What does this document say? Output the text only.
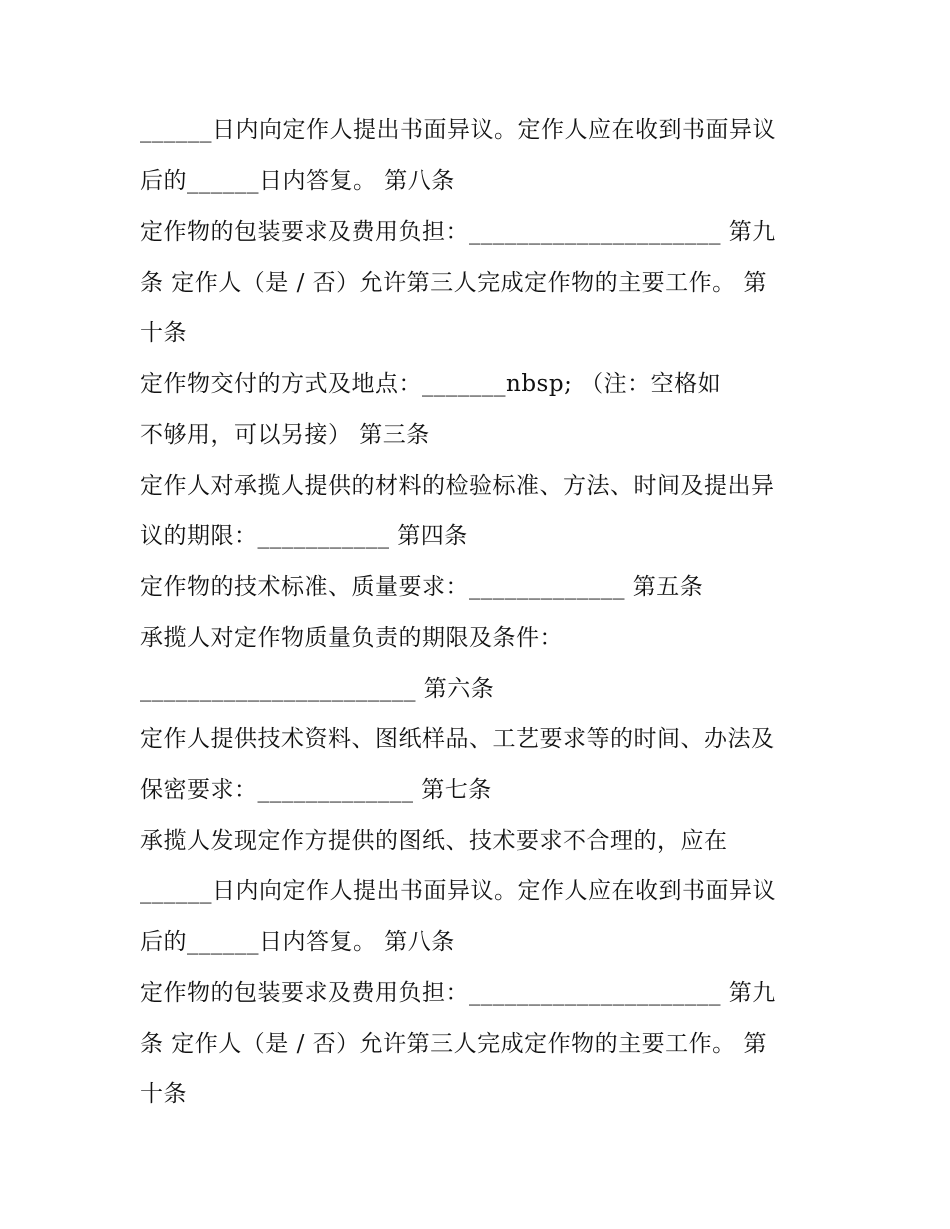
______日内向定作人提出书面异议。定作人应在收到书面异议
后的______日内答复。 第八条
定作物的包装要求及费用负担：_____________________ 第九
条 定作人（是 / 否）允许第三人完成定作物的主要工作。 第
十条
定作物交付的方式及地点：_______nbsp; （注：空格如
不够用，可以另接） 第三条
定作人对承揽人提供的材料的检验标准、方法、时间及提出异
议的期限：___________ 第四条
定作物的技术标准、质量要求：_____________ 第五条
承揽人对定作物质量负责的期限及条件：
_______________________ 第六条
定作人提供技术资料、图纸样品、工艺要求等的时间、办法及
保密要求：_____________ 第七条
承揽人发现定作方提供的图纸、技术要求不合理的，应在
______日内向定作人提出书面异议。定作人应在收到书面异议
后的______日内答复。 第八条
定作物的包装要求及费用负担：_____________________ 第九
条 定作人（是 / 否）允许第三人完成定作物的主要工作。 第
十条
